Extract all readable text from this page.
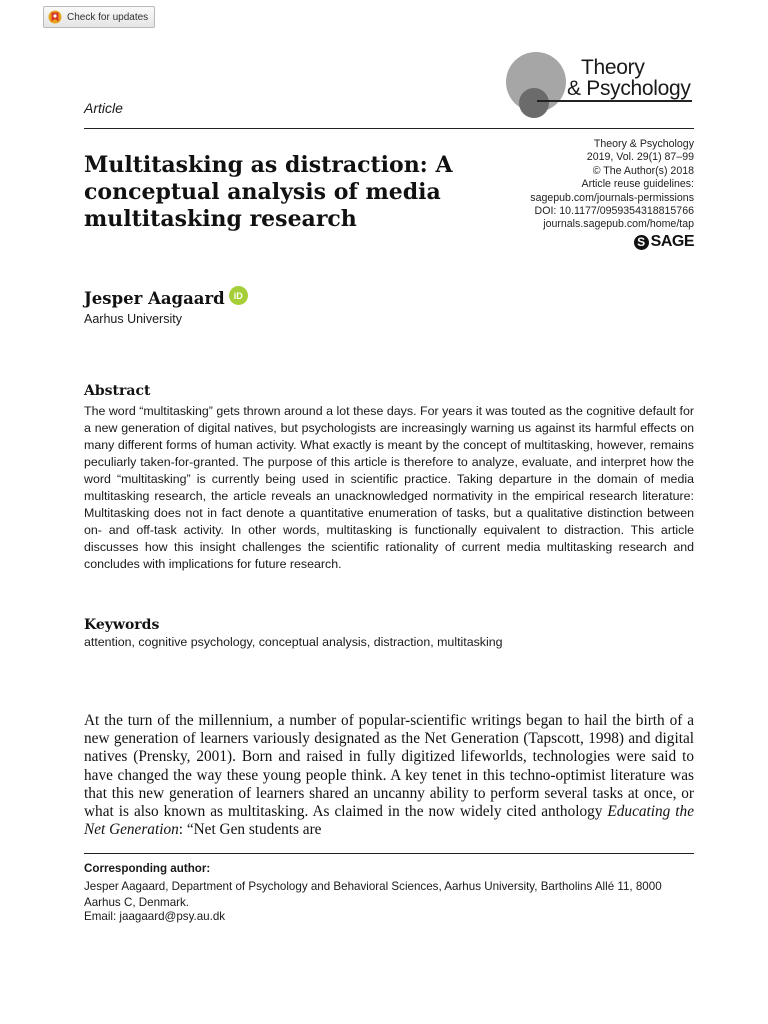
Check for updates
Theory
& Psychology
Article
Multitasking as distraction: A conceptual analysis of media multitasking research
Theory & Psychology
2019, Vol. 29(1) 87–99
© The Author(s) 2018
Article reuse guidelines:
sagepub.com/journals-permissions
DOI: 10.1177/0959354318815766
journals.sagepub.com/home/tap
S SAGE
Jesper Aagaard	iD
Aarhus University
Abstract

The word “multitasking” gets thrown around a lot these days. For years it was touted as the cognitive default for a new generation of digital natives, but psychologists are increasingly warning us against its harmful effects on many different forms of human activity. What exactly is meant by the concept of multitasking, however, remains peculiarly taken-for-granted. The purpose of this article is therefore to analyze, evaluate, and interpret how the word “multitasking” is currently being used in scientific practice. Taking departure in the domain of media multitasking research, the article reveals an unacknowledged normativity in the empirical research literature: Multitasking does not in fact denote a quantitative enumeration of tasks, but a qualitative distinction between on- and off-task activity. In other words, multitasking is functionally equivalent to distraction. This article discusses how this insight challenges the scientific rationality of current media multitasking research and concludes with implications for future research.

Keywords
attention, cognitive psychology, conceptual analysis, distraction, multitasking

At the turn of the millennium, a number of popular-scientific writings began to hail the birth of a new generation of learners variously designated as the Net Generation (Tapscott, 1998) and digital natives (Prensky, 2001). Born and raised in fully digitized lifeworlds, technologies were said to have changed the way these young people think. A key tenet in this techno-optimist literature was that this new generation of learners shared an uncanny ability to perform several tasks at once, or what is also known as multitasking. As claimed in the now widely cited anthology Educating the Net Generation: “Net Gen students are

Corresponding author:

Jesper Aagaard, Department of Psychology and Behavioral Sciences, Aarhus University, Bartholins Allé 11, 8000 Aarhus C, Denmark.

Email: jaagaard@psy.au.dk
